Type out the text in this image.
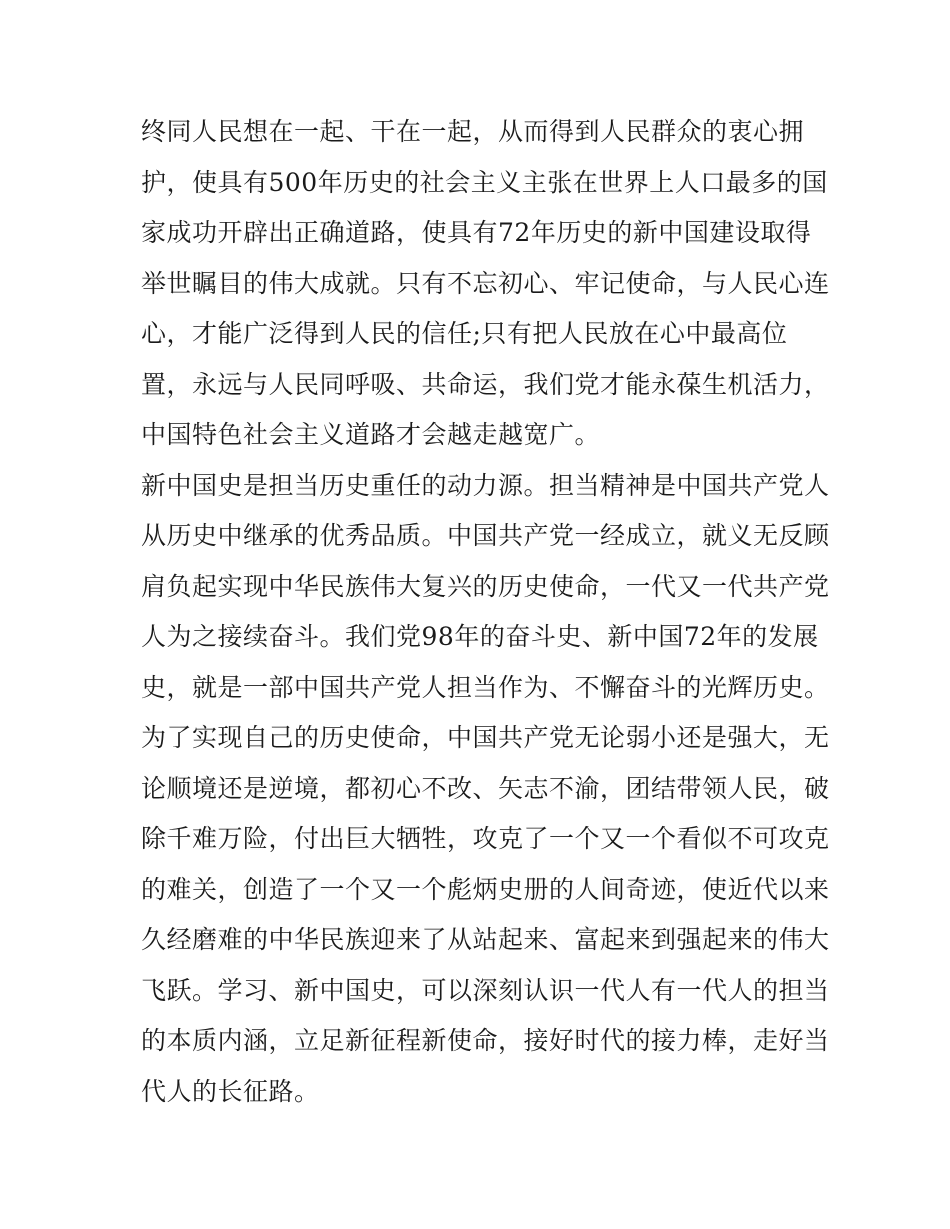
终同人民想在一起、干在一起，从而得到人民群众的衷心拥
护，使具有500年历史的社会主义主张在世界上人口最多的国
家成功开辟出正确道路，使具有72年历史的新中国建设取得
举世瞩目的伟大成就。只有不忘初心、牢记使命，与人民心连
心，才能广泛得到人民的信任;只有把人民放在心中最高位
置，永远与人民同呼吸、共命运，我们党才能永葆生机活力，
中国特色社会主义道路才会越走越宽广。
新中国史是担当历史重任的动力源。担当精神是中国共产党人
从历史中继承的优秀品质。中国共产党一经成立，就义无反顾
肩负起实现中华民族伟大复兴的历史使命，一代又一代共产党
人为之接续奋斗。我们党98年的奋斗史、新中国72年的发展
史，就是一部中国共产党人担当作为、不懈奋斗的光辉历史。
为了实现自己的历史使命，中国共产党无论弱小还是强大，无
论顺境还是逆境，都初心不改、矢志不渝，团结带领人民，破
除千难万险，付出巨大牺牲，攻克了一个又一个看似不可攻克
的难关，创造了一个又一个彪炳史册的人间奇迹，使近代以来
久经磨难的中华民族迎来了从站起来、富起来到强起来的伟大
飞跃。学习、新中国史，可以深刻认识一代人有一代人的担当
的本质内涵，立足新征程新使命，接好时代的接力棒，走好当
代人的长征路。
